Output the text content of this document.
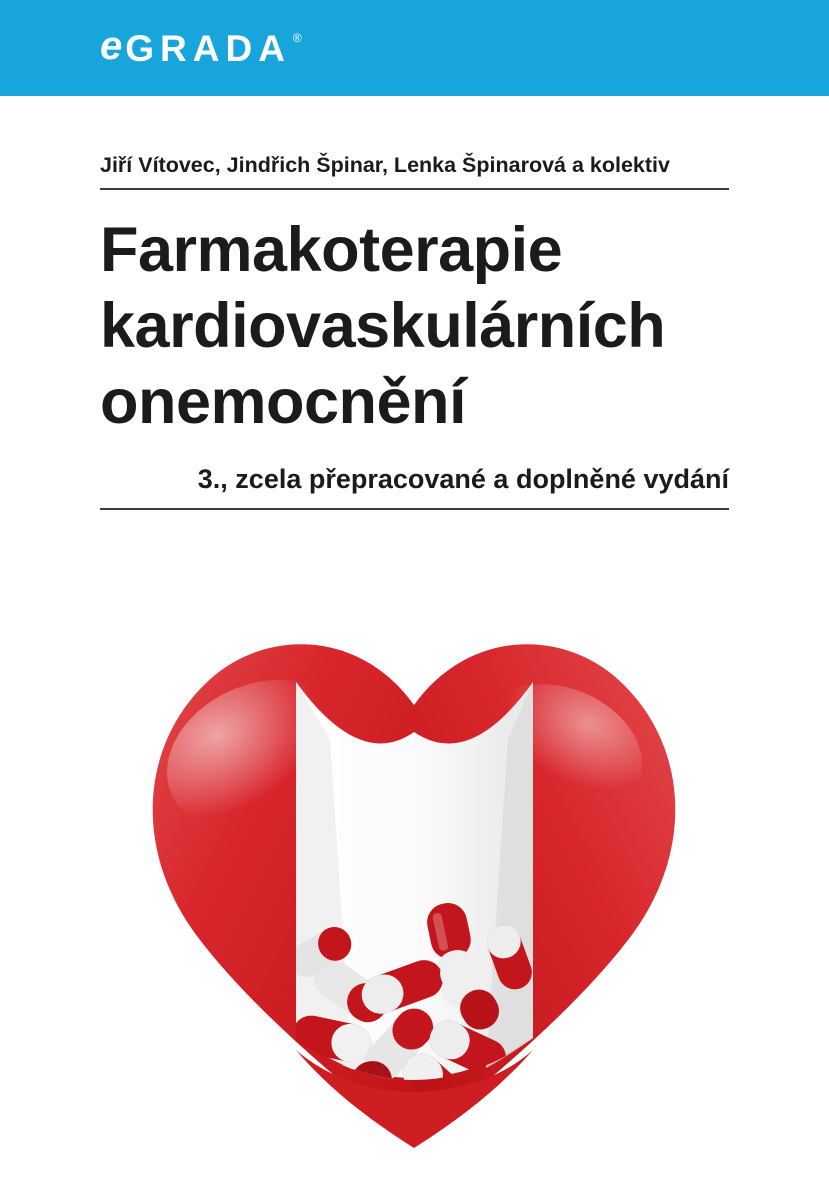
e GRADA ®
Jiří Vítovec, Jindřich Špinar, Lenka Špinarová a kolektiv
Farmakoterapie
kardiovaskulárních
onemocnění
3., zcela přepracované a doplněné vydání
